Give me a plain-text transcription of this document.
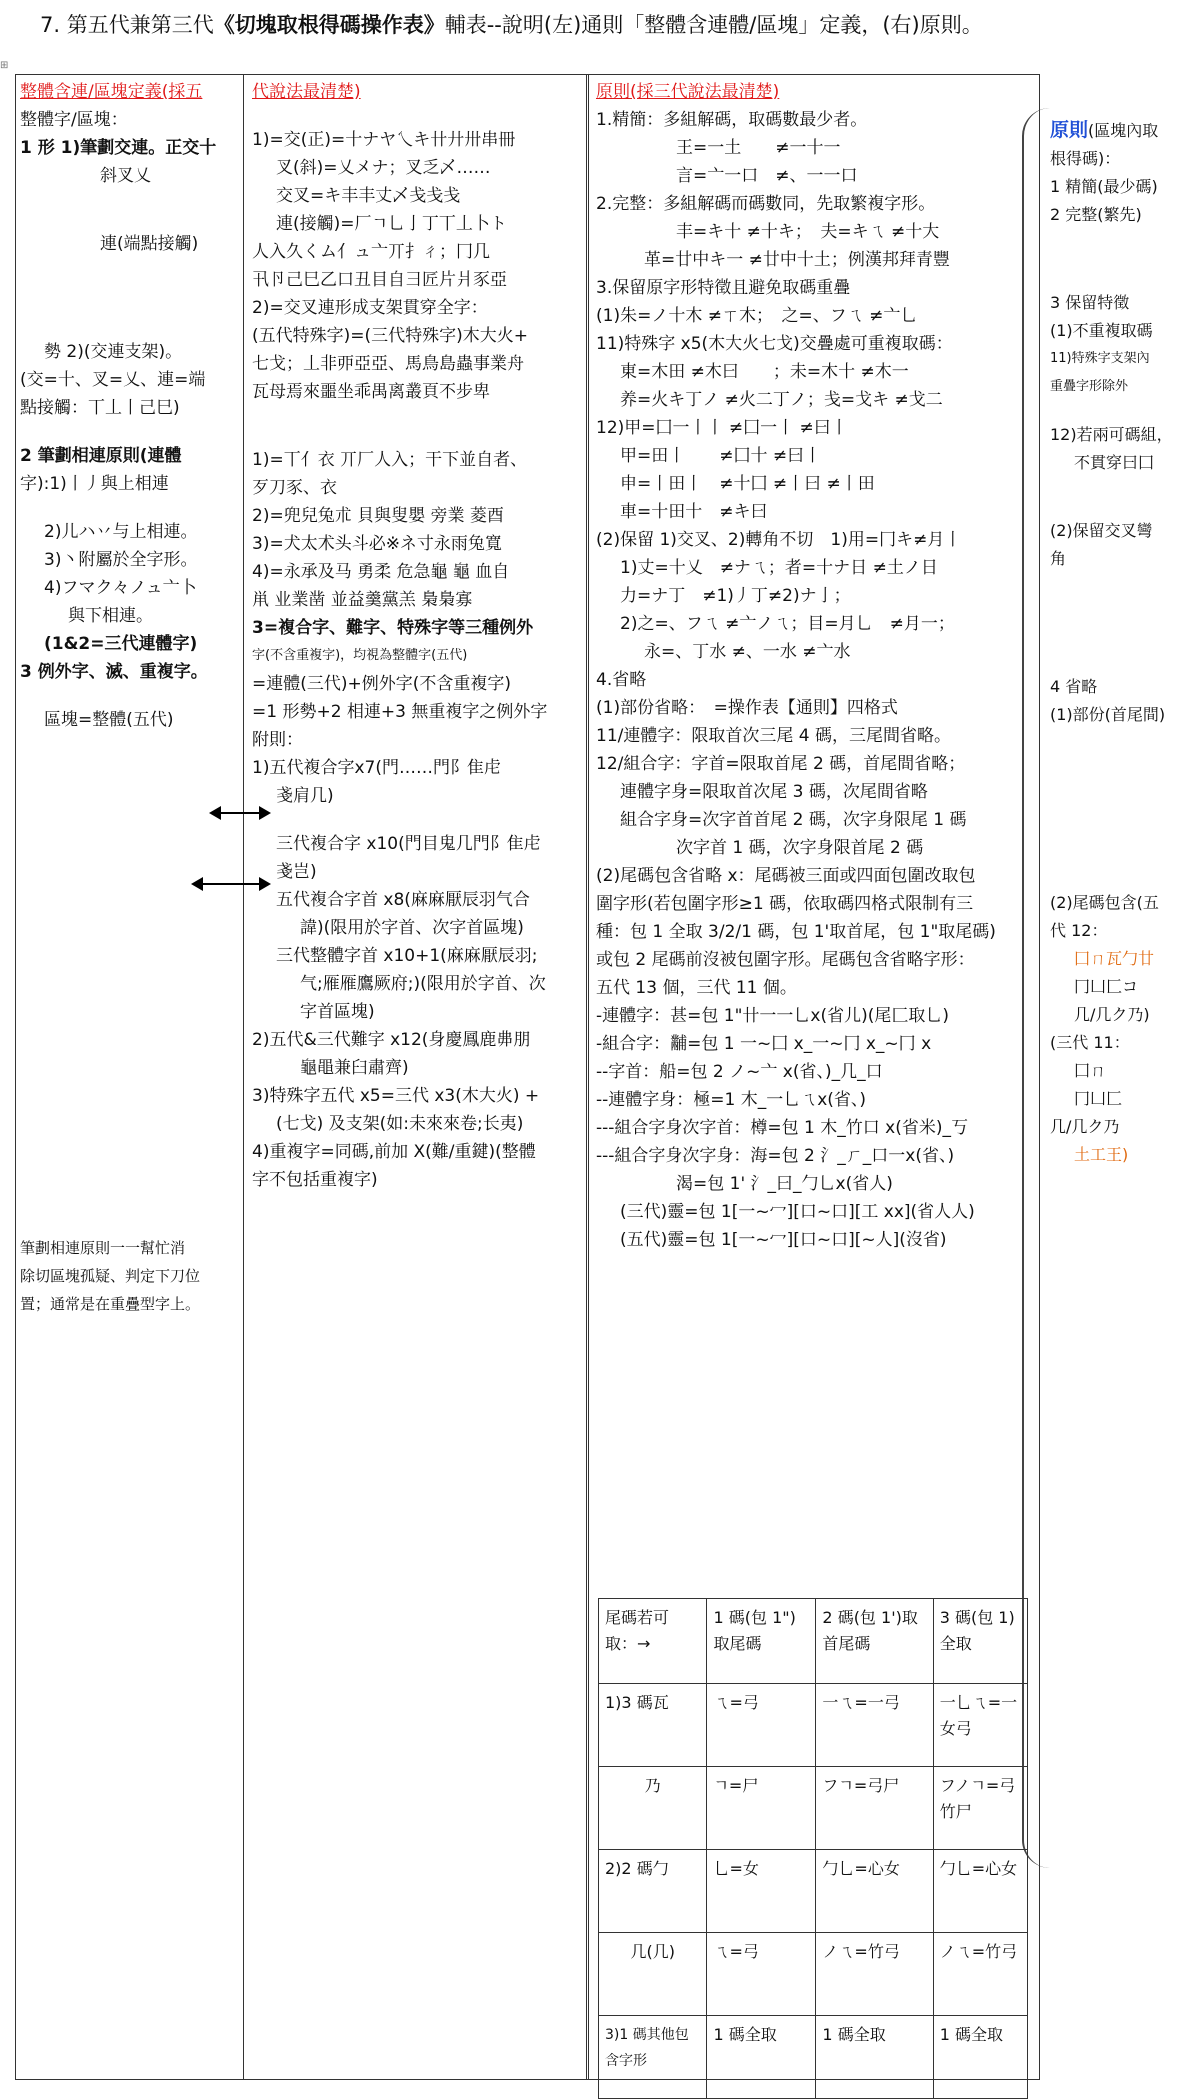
7. 第五代兼第三代《切塊取根得碼操作表》輔表--說明(左)通則「整體含連體/區塊」定義，(右)原則。
⊞
整體含連/區塊定義(採五
整體字/區塊：
1 形 1)筆劃交連。正交十
斜叉乂
連(端點接觸)
勢 2)(交連支架)。
(交=十、叉=乂、連=端
點接觸：丅丄丨己巳)
2 筆劃相連原則(連體
字):1)丨丿與上相連
2)儿ハ丷与上相連。
3)丶附屬於全字形。
4)フマク々ノュ亠卜
與下相連。
(1&2=三代連體字)
3 例外字、滅、重複字。
區塊=整體(五代)
筆劃相連原則一一幫忙消
除切區塊孤疑、判定下刀位
置；通常是在重疊型字上。
代說法最清楚)
1)=交(正)=十ナヤ乀キ卄廾卅串冊
叉(斜)=乂メナ；叉乏乄……
交叉=キ丰丰丈乄戋戋戋
連(接觸)=厂ㄱ乚亅丁丅丄卜ト
人入久くム亻ュ亠丌扌ㄔ；冂几
卂卪己巳乙口丑目自彐匠片爿豕亞
2)=交叉連形成支架貫穿全字：
(五代特殊字)=(三代特殊字)木大火+
七戈；丄非丣亞亞、馬鳥島蟲事業舟
瓦母焉來噩坐乖禺离叢頁不步卑
1)=丅亻衣 丌厂人入；干下並自者、
歹刀豕、衣
2)=兜兒兔朮 貝與叟嬰 旁業 菱酉
3)=犬太术头斗必※ネ寸永雨兔寬
4)=永承及马 勇柔 危急龜 龜 血自
鼡 业業凿 並益羹黨羔 梟梟寡
3=複合字、難字、特殊字等三種例外
字(不含重複字)，均視為整體字(五代)
=連體(三代)+例外字(不含重複字)
=1 形勢+2 相連+3 無重複字之例外字
附則：
1)五代複合字x7(門……門阝隹虍
戔肩几)
三代複合字 x10(門目鬼几門阝隹虍
戔岂)
五代複合字首 x8(麻麻厭辰羽气合
諱)(限用於字首、次字首區塊)
三代整體字首 x10+1(麻麻厭辰羽;
气;雁雁鷹厥府;)(限用於字首、次
字首區塊)
2)五代&三代難字 x12(身慶鳳鹿丳朋
龜黽兼臼肅齊)
3)特殊字五代 x5=三代 x3(木大火) +
(七戈) 及支架(如:未來來卷;长夷)
4)重複字=同碼,前加 X(難/重鍵)(整體
字不包括重複字)
原則(採三代說法最清楚)
1.精簡：多組解碼，取碼數最少者。
王=一土　　≠一十一
言=亠一口　≠、一一口
2.完整：多組解碼而碼數同，先取繁複字形。
丰=キ十 ≠十キ；　夫=キㄟ ≠十大
革=廿中キ一 ≠廿中十土；例漢邦拜青豐
3.保留原字形特徵且避免取碼重疊
(1)朱=ノ十木 ≠ㄒ木；　之=、フㄟ ≠亠乚
11)特殊字 x5(木大火七戈)交疊處可重複取碼：
東=木田 ≠木曰　　；未=木十 ≠木一
养=火キ丁ノ ≠火二丁ノ；戋=戈キ ≠戈二
12)甲=囗一丨丨 ≠囗一丨 ≠曰丨
甲=田丨　　≠囗十 ≠曰丨
申=丨田丨　≠十囗 ≠丨曰 ≠丨田
車=十田十　≠キ曰
(2)保留 1)交叉、2)轉角不切　1)用=冂キ≠月丨
1)丈=十乂　≠ナㄟ；者=十ナ日 ≠土ノ日
力=ナ丁　≠1)丿丁≠2)ナ亅；
2)之=、フㄟ ≠亠ノㄟ；目=月乚　≠月一；
永=、丁水 ≠、一水 ≠亠水
4.省略
(1)部份省略：　=操作表【通則】四格式
11/連體字：限取首次三尾 4 碼，三尾間省略。
12/組合字：字首=限取首尾 2 碼，首尾間省略；
連體字身=限取首次尾 3 碼，次尾間省略
組合字身=次字首首尾 2 碼，次字身限尾 1 碼
次字首 1 碼，次字身限首尾 2 碼
(2)尾碼包含省略 x：尾碼被三面或四面包圍改取包
圍字形(若包圍字形≥1 碼，依取碼四格式限制有三
種：包 1 全取 3/2/1 碼，包 1'取首尾，包 1"取尾碼)
或包 2 尾碼前沒被包圍字形。尾碼包含省略字形：
五代 13 個，三代 11 個。
-連體字：甚=包 1"卄一一乚x(省儿)(尾匚取乚)
-組合字：黼=包 1 一~囗 x_一~冂 x_~冂 x
--字首：船=包 2 ノ~亠 x(省、)_几_口
--連體字身：極=1 木_一乚ㄟx(省、)
---組合字身次字首：樽=包 1 木_竹口 x(省米)_丂
---組合字身次字身：海=包 2 氵_ㄏ_口一x(省、)
渴=包 1' 氵_曰_勹乚x(省人)
(三代)靈=包 1[一~冖][口~口][工 xx](省人人)
(五代)靈=包 1[一~冖][口~口][~人](沒省)
尾碼若可取：→	1 碼(包 1")取尾碼	2 碼(包 1')取首尾碼	3 碼(包 1)全取
1)3 碼瓦	ㄟ=弓	一ㄟ=一弓	一乚ㄟ=一女弓
乃	ㄱ=尸	フㄱ=弓尸	フノㄱ=弓竹尸
2)2 碼勹	乚=女	勹乚=心女	勹乚=心女
几(几)	ㄟ=弓	ノㄟ=竹弓	ノㄟ=竹弓
3)1 碼其他包含字形	1 碼全取	1 碼全取	1 碼全取
原則(區塊內取
根得碼)：
1 精簡(最少碼)
2 完整(繁先)
3 保留特徵
(1)不重複取碼
11)特殊字支架內
重疊字形除外
12)若兩可碼組，
不貫穿曰囗
(2)保留交叉彎
角
4 省略
(1)部份(首尾間)
(2)尾碼包含(五
代 12：
囗ㄇ瓦勹廿
冂凵匚コ
几/几ク乃)
(三代 11：
囗ㄇ
冂凵匚
几/几ク乃
土工王)
